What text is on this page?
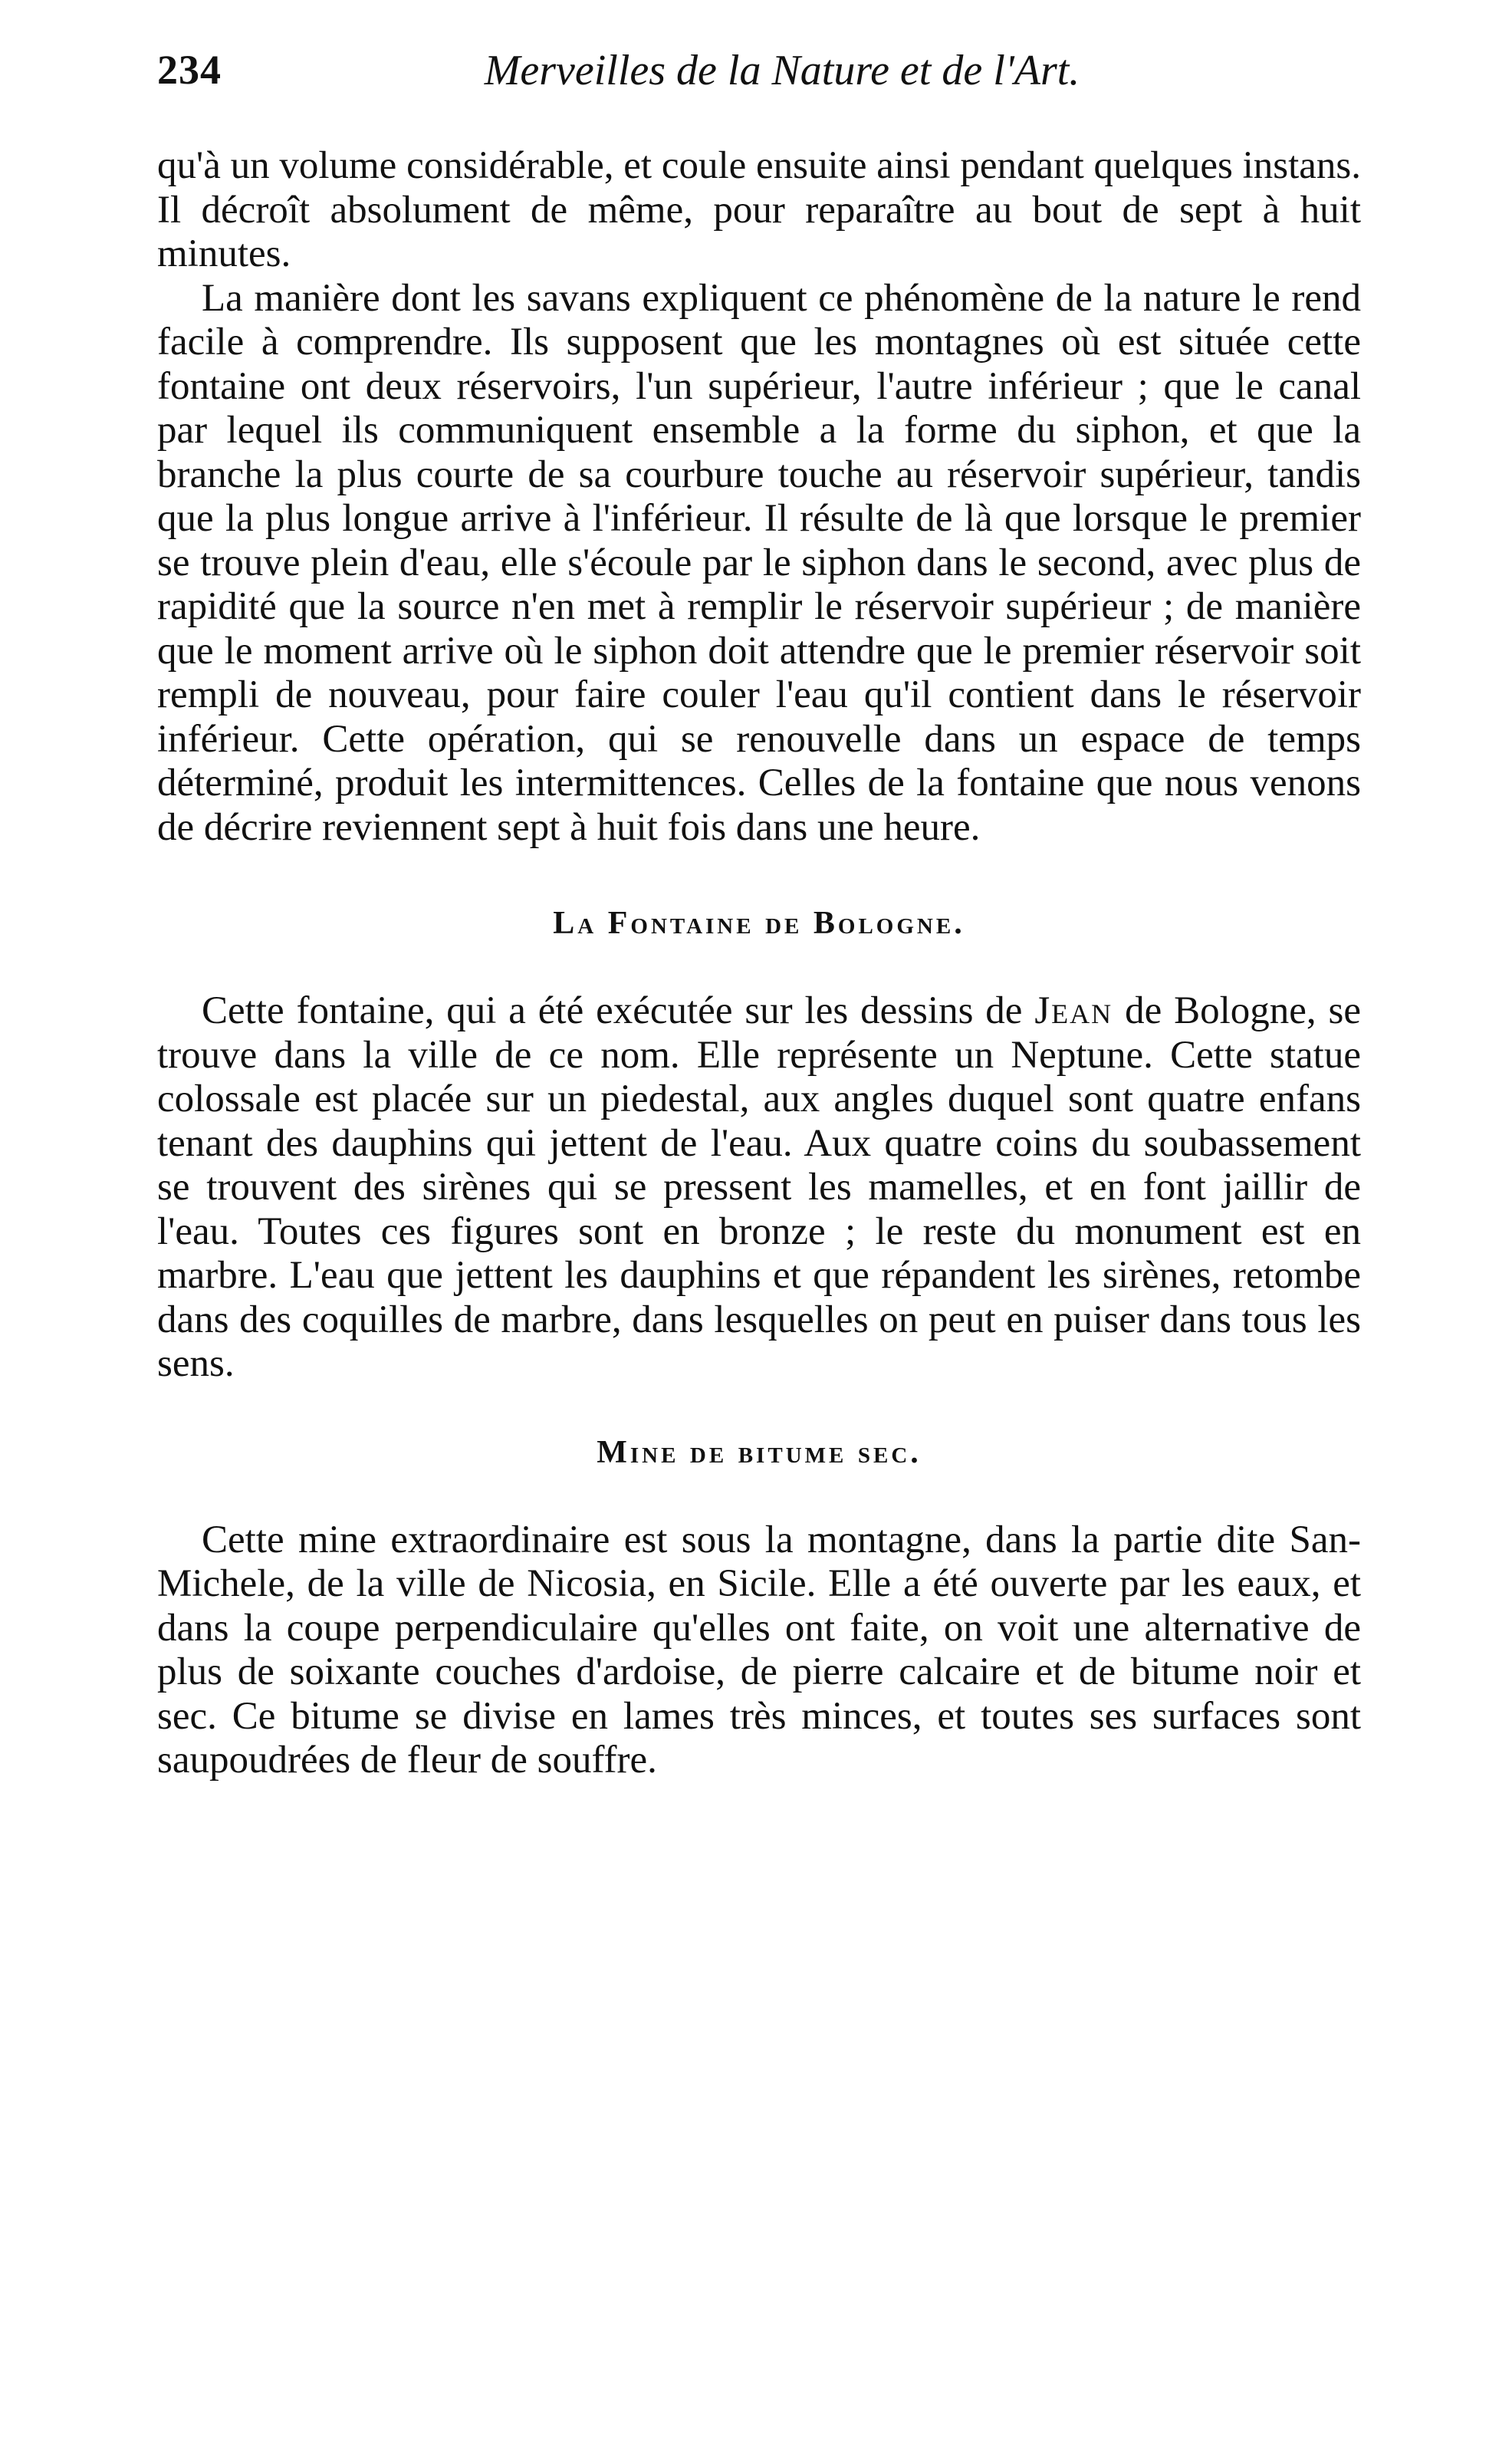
234	Merveilles de la Nature et de l'Art.

qu'à un volume considérable, et coule ensuite ainsi pendant quelques instans. Il décroît absolument de même, pour reparaître au bout de sept à huit minutes.

La manière dont les savans expliquent ce phénomène de la nature le rend facile à comprendre. Ils supposent que les montagnes où est située cette fontaine ont deux réservoirs, l'un supérieur, l'autre inférieur ; que le canal par lequel ils communiquent ensemble a la forme du siphon, et que la branche la plus courte de sa courbure touche au réservoir supérieur, tandis que la plus longue arrive à l'inférieur. Il résulte de là que lorsque le premier se trouve plein d'eau, elle s'écoule par le siphon dans le second, avec plus de rapidité que la source n'en met à remplir le réservoir supérieur ; de manière que le moment arrive où le siphon doit attendre que le premier réservoir soit rempli de nouveau, pour faire couler l'eau qu'il contient dans le réservoir inférieur. Cette opération, qui se renouvelle dans un espace de temps déterminé, produit les intermittences. Celles de la fontaine que nous venons de décrire reviennent sept à huit fois dans une heure.

La Fontaine de Bologne.

Cette fontaine, qui a été exécutée sur les dessins de Jean de Bologne, se trouve dans la ville de ce nom. Elle représente un Neptune. Cette statue colossale est placée sur un piedestal, aux angles duquel sont quatre enfans tenant des dauphins qui jettent de l'eau. Aux quatre coins du soubassement se trouvent des sirènes qui se pressent les mamelles, et en font jaillir de l'eau. Toutes ces figures sont en bronze ; le reste du monument est en marbre. L'eau que jettent les dauphins et que répandent les sirènes, retombe dans des coquilles de marbre, dans lesquelles on peut en puiser dans tous les sens.

Mine de bitume sec.

Cette mine extraordinaire est sous la montagne, dans la partie dite San-Michele, de la ville de Nicosia, en Sicile. Elle a été ouverte par les eaux, et dans la coupe perpendiculaire qu'elles ont faite, on voit une alternative de plus de soixante couches d'ardoise, de pierre calcaire et de bitume noir et sec. Ce bitume se divise en lames très minces, et toutes ses surfaces sont saupoudrées de fleur de souffre.
